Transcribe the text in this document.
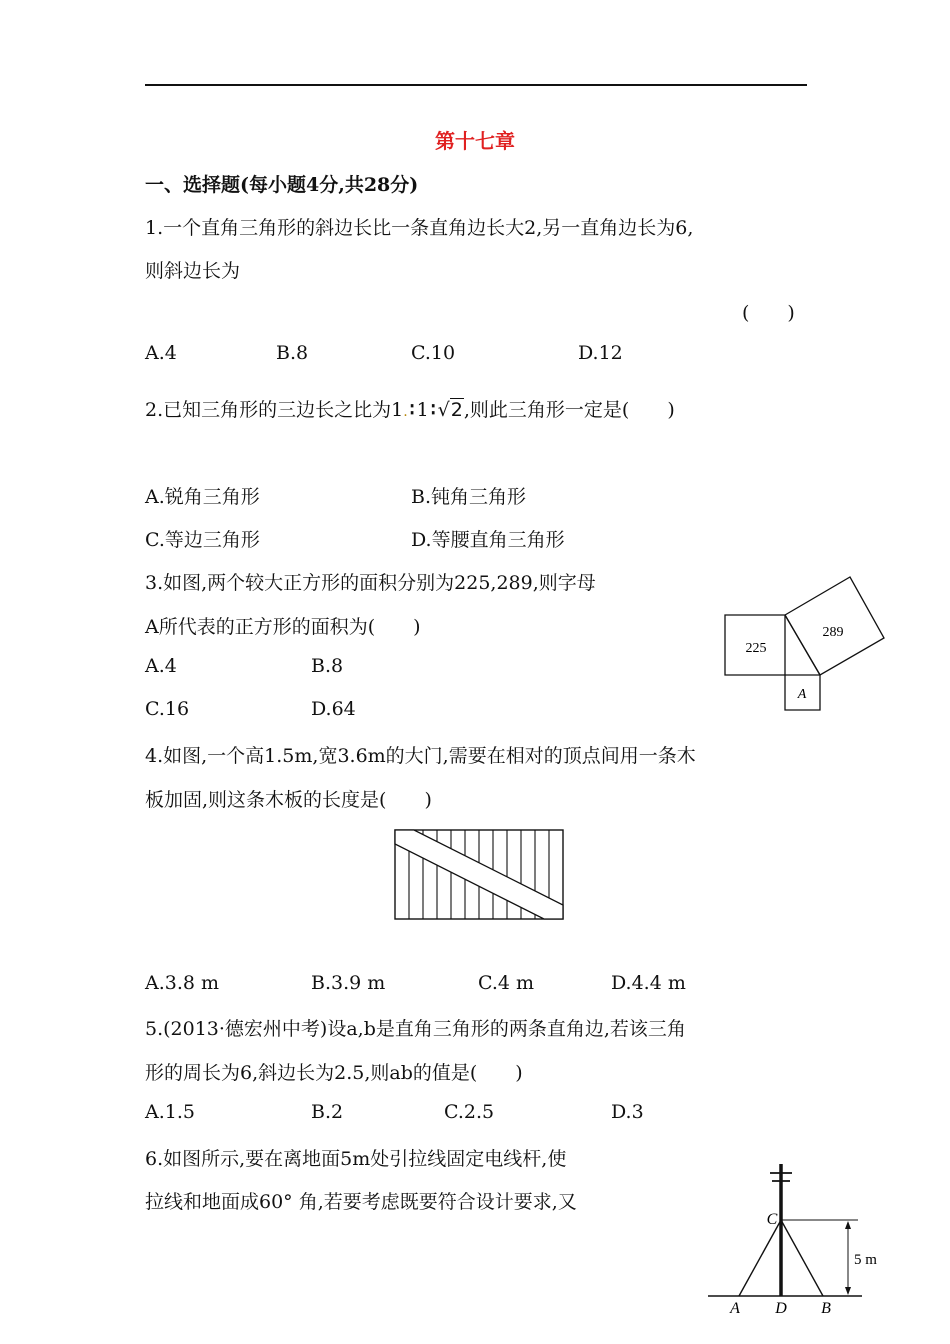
第十七章
一、选择题(每小题4分,共28分)
1.一个直角三角形的斜边长比一条直角边长大2,另一直角边长为6,
则斜边长为
(　　)
A.4	B.8	C.10	D.12
2.已知三角形的三边长之比为1. ∶ 1 ∶ √2,则此三角形一定是(　　)
A.锐角三角形	B.钝角三角形
C.等边三角形	D.等腰直角三角形
3.如图,两个较大正方形的面积分别为225,289,则字母
A所代表的正方形的面积为(　　)
A.4	B.8
C.16	D.64
225
289
A
4.如图,一个高1.5m,宽3.6m的大门,需要在相对的顶点间用一条木
板加固,则这条木板的长度是(　　)
A.3.8 m	B.3.9 m	C.4 m	D.4.4 m
5.(2013·德宏州中考)设a,b是直角三角形的两条直角边,若该三角
形的周长为6,斜边长为2.5,则ab的值是(　　)
A.1.5	B.2	C.2.5	D.3
6.如图所示,要在离地面5m处引拉线固定电线杆,使
拉线和地面成60° 角,若要考虑既要符合设计要求,又
C
A D B
5 m
